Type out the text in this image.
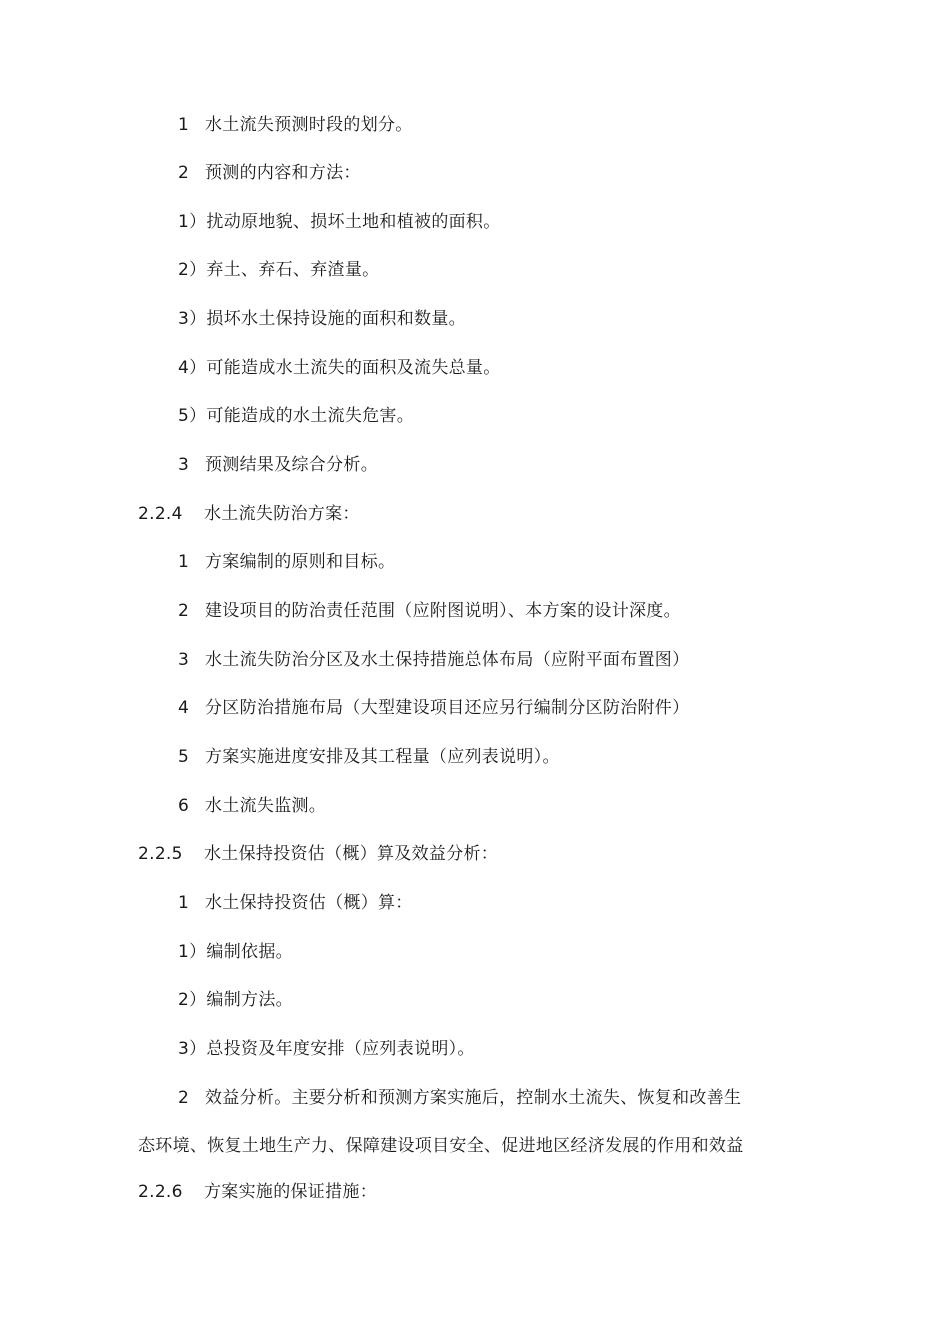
1 水土流失预测时段的划分。
2 预测的内容和方法：
1）扰动原地貌、损坏土地和植被的面积。
2）弃土、弃石、弃渣量。
3）损坏水土保持设施的面积和数量。
4）可能造成水土流失的面积及流失总量。
5）可能造成的水土流失危害。
3 预测结果及综合分析。
2.2.4 水土流失防治方案：
1 方案编制的原则和目标。
2 建设项目的防治责任范围（应附图说明）、本方案的设计深度。
3 水土流失防治分区及水土保持措施总体布局（应附平面布置图）
4 分区防治措施布局（大型建设项目还应另行编制分区防治附件）
5 方案实施进度安排及其工程量（应列表说明）。
6 水土流失监测。
2.2.5 水土保持投资估（概）算及效益分析：
1 水土保持投资估（概）算：
1）编制依据。
2）编制方法。
3）总投资及年度安排（应列表说明）。
2 效益分析。主要分析和预测方案实施后，控制水土流失、恢复和改善生
态环境、恢复土地生产力、保障建设项目安全、促进地区经济发展的作用和效益
2.2.6 方案实施的保证措施：
